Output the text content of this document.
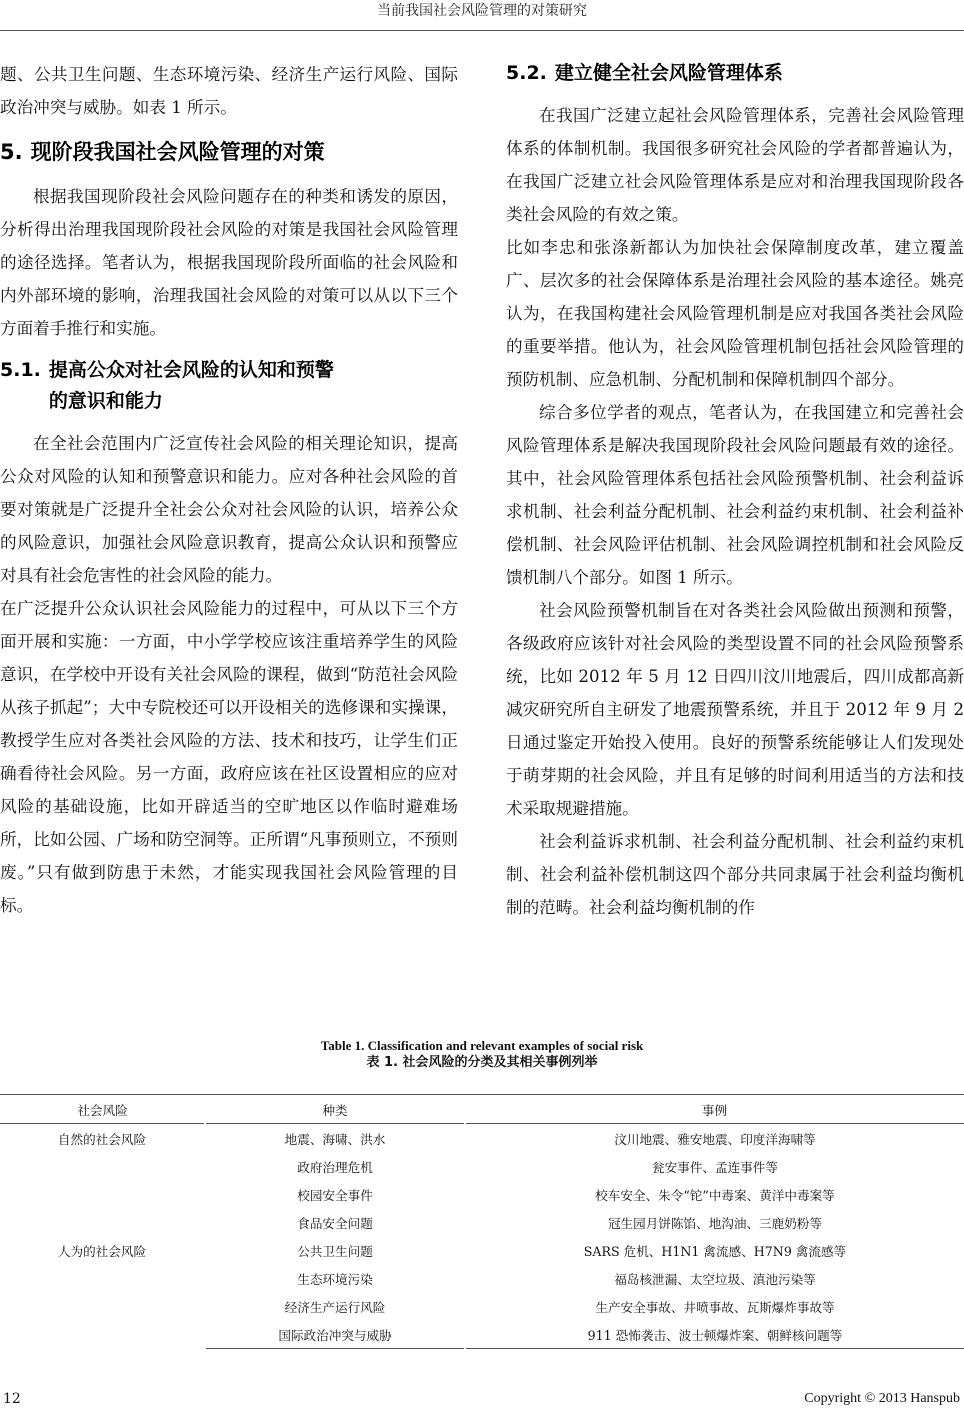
当前我国社会风险管理的对策研究

题、公共卫生问题、生态环境污染、经济生产运行风险、国际政治冲突与威胁。如表 1 所示。

5. 现阶段我国社会风险管理的对策

根据我国现阶段社会风险问题存在的种类和诱发的原因，分析得出治理我国现阶段社会风险的对策是我国社会风险管理的途径选择。笔者认为，根据我国现阶段所面临的社会风险和内外部环境的影响，治理我国社会风险的对策可以从以下三个方面着手推行和实施。

5.1. 提高公众对社会风险的认知和预警的意识和能力

在全社会范围内广泛宣传社会风险的相关理论知识，提高公众对风险的认知和预警意识和能力。应对各种社会风险的首要对策就是广泛提升全社会公众对社会风险的认识，培养公众的风险意识，加强社会风险意识教育，提高公众认识和预警应对具有社会危害性的社会风险的能力。

在广泛提升公众认识社会风险能力的过程中，可从以下三个方面开展和实施：一方面，中小学学校应该注重培养学生的风险意识，在学校中开设有关社会风险的课程，做到“防范社会风险从孩子抓起”；大中专院校还可以开设相关的选修课和实操课，教授学生应对各类社会风险的方法、技术和技巧，让学生们正确看待社会风险。另一方面，政府应该在社区设置相应的应对风险的基础设施，比如开辟适当的空旷地区以作临时避难场所，比如公园、广场和防空洞等。正所谓“凡事预则立，不预则废。”只有做到防患于未然，才能实现我国社会风险管理的目标。

5.2. 建立健全社会风险管理体系

在我国广泛建立起社会风险管理体系，完善社会风险管理体系的体制机制。我国很多研究社会风险的学者都普遍认为，在我国广泛建立社会风险管理体系是应对和治理我国现阶段各类社会风险的有效之策。

比如李忠和张涤新都认为加快社会保障制度改革，建立覆盖广、层次多的社会保障体系是治理社会风险的基本途径。姚亮认为，在我国构建社会风险管理机制是应对我国各类社会风险的重要举措。他认为，社会风险管理机制包括社会风险管理的预防机制、应急机制、分配机制和保障机制四个部分。

综合多位学者的观点，笔者认为，在我国建立和完善社会风险管理体系是解决我国现阶段社会风险问题最有效的途径。其中，社会风险管理体系包括社会风险预警机制、社会利益诉求机制、社会利益分配机制、社会利益约束机制、社会利益补偿机制、社会风险评估机制、社会风险调控机制和社会风险反馈机制八个部分。如图 1 所示。

社会风险预警机制旨在对各类社会风险做出预测和预警，各级政府应该针对社会风险的类型设置不同的社会风险预警系统，比如 2012 年 5 月 12 日四川汶川地震后，四川成都高新减灾研究所自主研发了地震预警系统，并且于 2012 年 9 月 2 日通过鉴定开始投入使用。良好的预警系统能够让人们发现处于萌芽期的社会风险，并且有足够的时间利用适当的方法和技术采取规避措施。

社会利益诉求机制、社会利益分配机制、社会利益约束机制、社会利益补偿机制这四个部分共同隶属于社会利益均衡机制的范畴。社会利益均衡机制的作

Table 1. Classification and relevant examples of social risk
表 1. 社会风险的分类及其相关事例列举
社会风险	种类	事例
自然的社会风险	地震、海啸、洪水	汶川地震、雅安地震、印度洋海啸等
人为的社会风险	政府治理危机	瓮安事件、孟连事件等
	校园安全事件	校车安全、朱令“铊”中毒案、黄洋中毒案等
	食品安全问题	冠生园月饼陈馅、地沟油、三鹿奶粉等
	公共卫生问题	SARS 危机、H1N1 禽流感、H7N9 禽流感等
	生态环境污染	福岛核泄漏、太空垃圾、滇池污染等
	经济生产运行风险	生产安全事故、井喷事故、瓦斯爆炸事故等
	国际政治冲突与威胁	911 恐怖袭击、波士顿爆炸案、朝鲜核问题等
12	Copyright © 2013 Hanspub
